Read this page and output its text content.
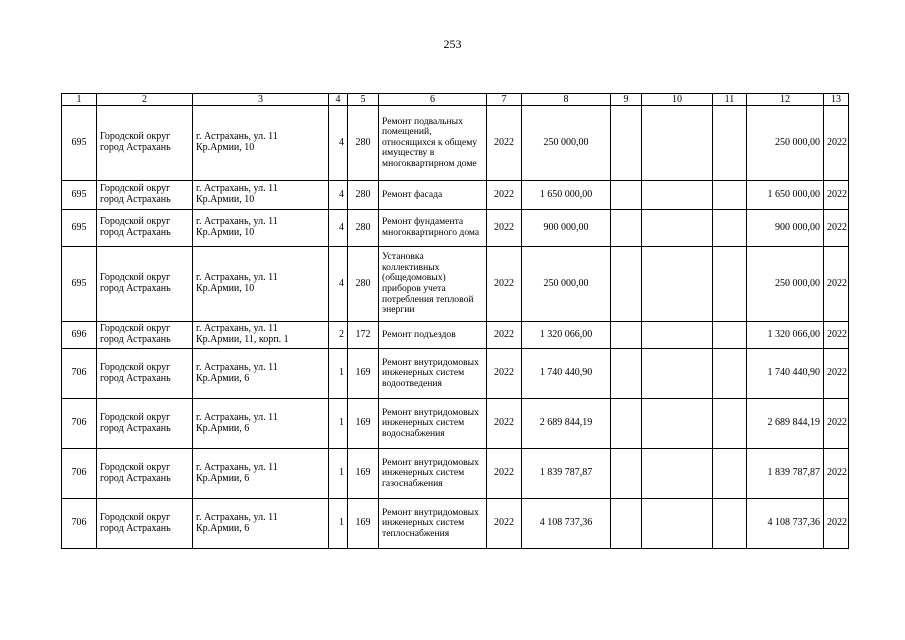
253
1	2	3	4	5	6	7	8	9	10	11	12	13
695	Городской округ город Астрахань	г. Астрахань, ул. 11 Кр.Армии, 10	4	280	Ремонт подвальных помещений, относящихся к общему имуществу в многоквартирном доме	2022	250 000,00				250 000,00	2022
695	Городской округ город Астрахань	г. Астрахань, ул. 11 Кр.Армии, 10	4	280	Ремонт фасада	2022	1 650 000,00				1 650 000,00	2022
695	Городской округ город Астрахань	г. Астрахань, ул. 11 Кр.Армии, 10	4	280	Ремонт фундамента многоквартирного дома	2022	900 000,00				900 000,00	2022
695	Городской округ город Астрахань	г. Астрахань, ул. 11 Кр.Армии, 10	4	280	Установка коллективных (общедомовых) приборов учета потребления тепловой энергии	2022	250 000,00				250 000,00	2022
696	Городской округ город Астрахань	г. Астрахань, ул. 11 Кр.Армии, 11, корп. 1	2	172	Ремонт подъездов	2022	1 320 066,00				1 320 066,00	2022
706	Городской округ город Астрахань	г. Астрахань, ул. 11 Кр.Армии, 6	1	169	Ремонт внутридомовых инженерных систем водоотведения	2022	1 740 440,90				1 740 440,90	2022
706	Городской округ город Астрахань	г. Астрахань, ул. 11 Кр.Армии, 6	1	169	Ремонт внутридомовых инженерных систем водоснабжения	2022	2 689 844,19				2 689 844,19	2022
706	Городской округ город Астрахань	г. Астрахань, ул. 11 Кр.Армии, 6	1	169	Ремонт внутридомовых инженерных систем газоснабжения	2022	1 839 787,87				1 839 787,87	2022
706	Городской округ город Астрахань	г. Астрахань, ул. 11 Кр.Армии, 6	1	169	Ремонт внутридомовых инженерных систем теплоснабжения	2022	4 108 737,36				4 108 737,36	2022
